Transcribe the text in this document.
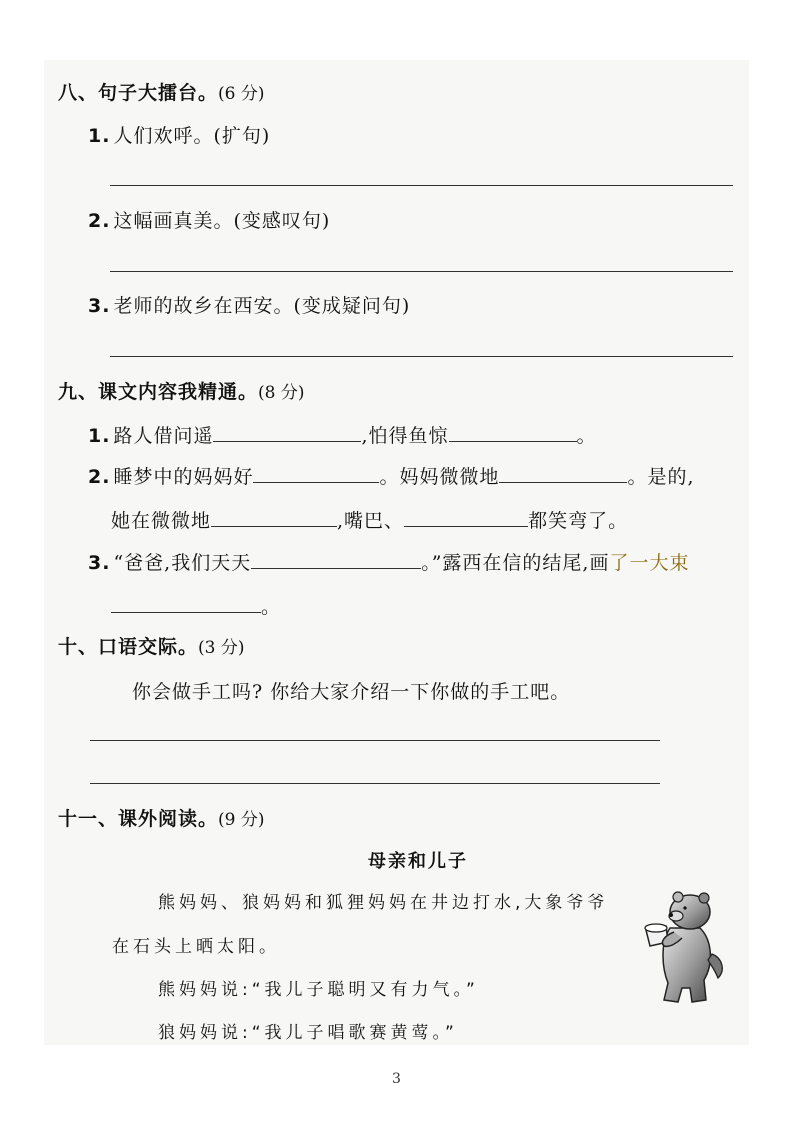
八、句子大擂台。(6 分)
1. 人们欢呼。(扩句)
2. 这幅画真美。(变感叹句)
3. 老师的故乡在西安。(变成疑问句)
九、课文内容我精通。(8 分)
1. 路人借问遥	,怕得鱼惊	。
2. 睡梦中的妈妈好	。妈妈微微地	。是的,
她在微微地	,嘴巴、	都笑弯了。
3. “爸爸,我们天天	。”露西在信的结尾,画了一大束
。
十、口语交际。(3 分)
你会做手工吗? 你给大家介绍一下你做的手工吧。
十一、课外阅读。(9 分)
母亲和儿子
熊妈妈、狼妈妈和狐狸妈妈在井边打水,大象爷爷
在石头上晒太阳。
熊妈妈说:“我儿子聪明又有力气。”
狼妈妈说:“我儿子唱歌赛黄莺。”
3
